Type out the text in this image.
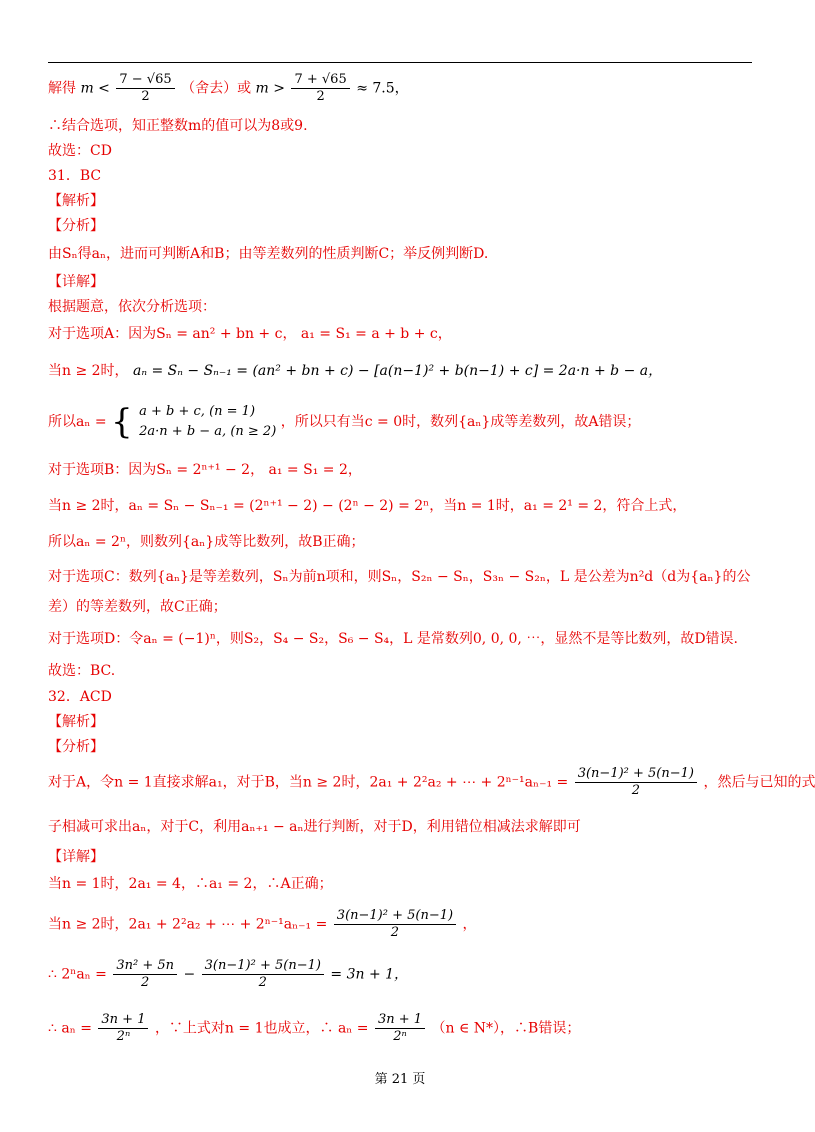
解得 $m < \frac{7 - √65}{2}$ （舍去）或 $m > \frac{7 + √65}{2} \approx 7.5$，
∴结合选项，知正整数m的值可以为8或9.
故选：CD
31．BC
【解析】
【分析】
由Sₙ得aₙ，进而可判断A和B；由等差数列的性质判断C；举反例判断D.
【详解】
根据题意，依次分析选项：
对于选项A：因为Sₙ = an² + bn + c， a₁ = S₁ = a + b + c，
当n ≥ 2时， aₙ = Sₙ − Sₙ₋₁ = (an² + bn + c) − [a(n−1)² + b(n−1) + c] = 2a·n + b − a，
所以aₙ = { a + b + c, (n = 1)
2a·n + b − a, (n ≥ 2)
，所以只有当c = 0时，数列{aₙ}成等差数列，故A错误；
对于选项B：因为Sₙ = 2ⁿ⁺¹ − 2， a₁ = S₁ = 2，
当n ≥ 2时，aₙ = Sₙ − Sₙ₋₁ = (2ⁿ⁺¹ − 2) − (2ⁿ − 2) = 2ⁿ，当n = 1时，a₁ = 2¹ = 2，符合上式，
所以aₙ = 2ⁿ，则数列{aₙ}成等比数列，故B正确；
对于选项C：数列{aₙ}是等差数列，Sₙ为前n项和，则Sₙ，S₂ₙ − Sₙ，S₃ₙ − S₂ₙ，L 是公差为n²d（d为{aₙ}的公
差）的等差数列，故C正确；
对于选项D：令aₙ = (−1)ⁿ，则S₂，S₄ − S₂，S₆ − S₄，L 是常数列0, 0, 0, ⋯，显然不是等比数列，故D错误.
故选：BC.
32．ACD
【解析】
【分析】
对于A，令n = 1直接求解a₁，对于B，当n ≥ 2时，2a₁ + 2²a₂ + ⋯ + $2^{n-1}a_{n-1} = \frac{\text{3(n−1)² + 5(n−1)}}{2}$ ，然后与已知的式
子相减可求出aₙ，对于C，利用aₙ₊₁ − aₙ进行判断，对于D，利用错位相减法求解即可
【详解】
当n = 1时，2a₁ = 4，∴a₁ = 2，∴A正确；
当n ≥ 2时，2a₁ + 2²a₂ + ⋯ + $2^{n-1}a_{n-1} = \frac{\text{3(n−1)² + 5(n−1)}}{2}$ ，
∴ $2^na_n = \frac{\text{3n² + 5n}}{2} - \frac{\text{3(n−1)² + 5(n−1)}}{2} = 3n + 1$，
∴ $a_n = \frac{3n + 1}{\text{2ⁿ}}$ ，∵上式对n = 1也成立，∴ $a_n = \frac{3n + 1}{\text{2ⁿ}} (n$ ∈ N*），∴B错误；
第 21 页
